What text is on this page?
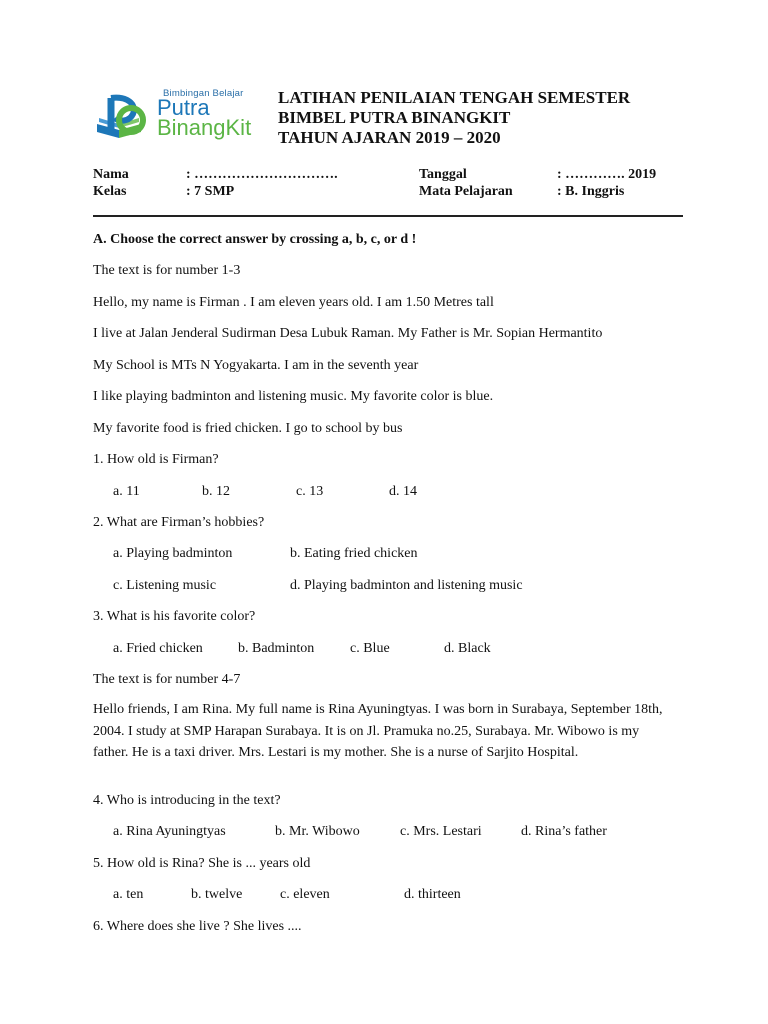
Bimbingan Belajar
Putra
BinangKit
LATIHAN PENILAIAN TENGAH SEMESTER
BIMBEL PUTRA BINANGKIT
TAHUN AJARAN 2019 – 2020
Nama	: ………………………….
Kelas	: 7 SMP
Tanggal	: …………. 2019
Mata Pelajaran	: B. Inggris
A. Choose the correct answer by crossing a, b, c, or d !
The text is for number 1-3
Hello, my name is Firman . I am eleven years old. I am 1.50 Metres tall
I live at Jalan Jenderal Sudirman Desa Lubuk Raman. My Father is Mr. Sopian Hermantito
My School is MTs N Yogyakarta. I am in the seventh year
I like playing badminton and listening music. My favorite color is blue.
My favorite food is fried chicken. I go to school by bus
1. How old is Firman?
a. 11	b. 12	c. 13	d. 14
2. What are Firman’s hobbies?
a. Playing badminton	b. Eating fried chicken
c. Listening music	d. Playing badminton and listening music
3. What is his favorite color?
a. Fried chicken	b. Badminton	c. Blue	d. Black
The text is for number 4-7
Hello friends, I am Rina. My full name is Rina Ayuningtyas. I was born in Surabaya, September 18th, 2004. I study at SMP Harapan Surabaya. It is on Jl. Pramuka no.25, Surabaya. Mr. Wibowo is my father. He is a taxi driver. Mrs. Lestari is my mother. She is a nurse of Sarjito Hospital.
4. Who is introducing in the text?
a. Rina Ayuningtyas	b. Mr. Wibowo	c. Mrs. Lestari	d. Rina’s father
5. How old is Rina? She is ... years old
a. ten	b. twelve	c. eleven	d. thirteen
6. Where does she live ? She lives ....
